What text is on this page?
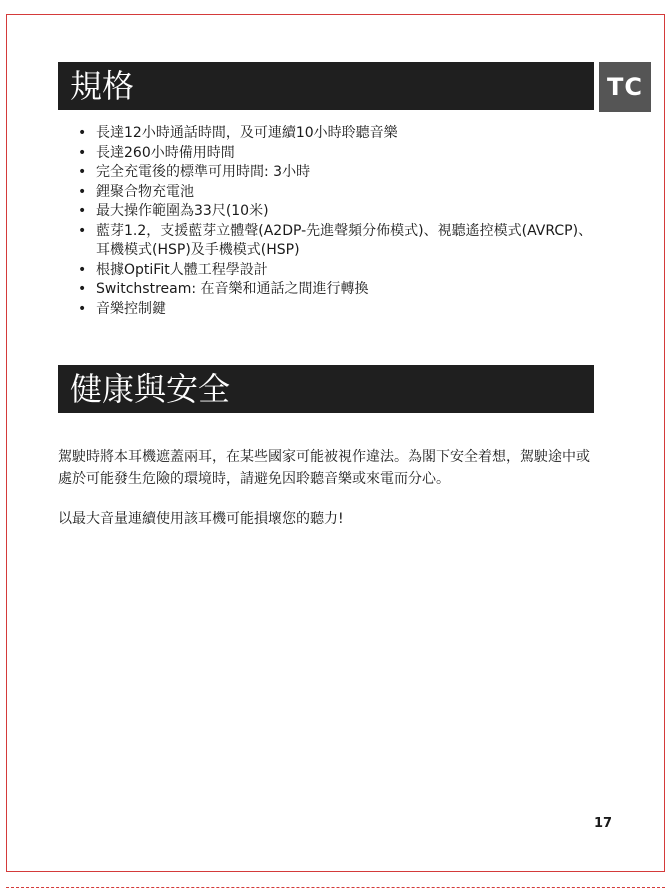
TC
規格
• 長達12小時通話時間，及可連續10小時聆聽音樂
• 長達260小時備用時間
• 完全充電後的標準可用時間: 3小時
• 鋰聚合物充電池
• 最大操作範圍為33尺(10米)
• 藍芽1.2，支援藍芽立體聲(A2DP-先進聲頻分佈模式)、視聽遙控模式(AVRCP)、耳機模式(HSP)及手機模式(HSP)
• 根據OptiFit人體工程學設計
• Switchstream: 在音樂和通話之間進行轉換
• 音樂控制鍵
健康與安全

駕駛時將本耳機遮蓋兩耳，在某些國家可能被視作違法。為閣下安全着想，駕駛途中或處於可能發生危險的環境時，請避免因聆聽音樂或來電而分心。

以最大音量連續使用該耳機可能損壞您的聽力!

17
